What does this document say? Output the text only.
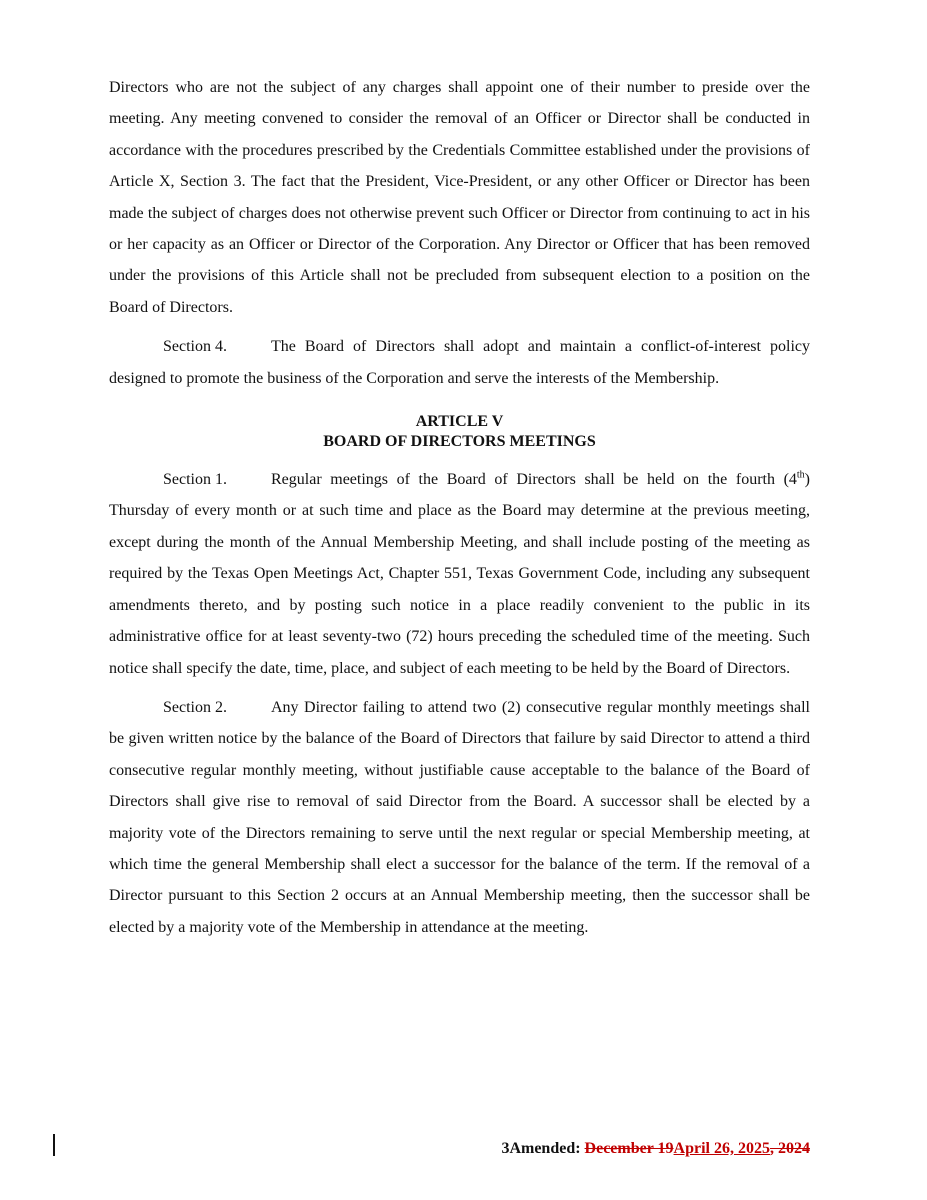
Directors who are not the subject of any charges shall appoint one of their number to preside over the meeting. Any meeting convened to consider the removal of an Officer or Director shall be conducted in accordance with the procedures prescribed by the Credentials Committee established under the provisions of Article X, Section 3. The fact that the President, Vice-President, or any other Officer or Director has been made the subject of charges does not otherwise prevent such Officer or Director from continuing to act in his or her capacity as an Officer or Director of the Corporation. Any Director or Officer that has been removed under the provisions of this Article shall not be precluded from subsequent election to a position on the Board of Directors.

Section 4.	The Board of Directors shall adopt and maintain a conflict-of-interest policy designed to promote the business of the Corporation and serve the interests of the Membership.

ARTICLE V
BOARD OF DIRECTORS MEETINGS

Section 1.	Regular meetings of the Board of Directors shall be held on the fourth (4th) Thursday of every month or at such time and place as the Board may determine at the previous meeting, except during the month of the Annual Membership Meeting, and shall include posting of the meeting as required by the Texas Open Meetings Act, Chapter 551, Texas Government Code, including any subsequent amendments thereto, and by posting such notice in a place readily convenient to the public in its administrative office for at least seventy-two (72) hours preceding the scheduled time of the meeting. Such notice shall specify the date, time, place, and subject of each meeting to be held by the Board of Directors.

Section 2.	Any Director failing to attend two (2) consecutive regular monthly meetings shall be given written notice by the balance of the Board of Directors that failure by said Director to attend a third consecutive regular monthly meeting, without justifiable cause acceptable to the balance of the Board of Directors shall give rise to removal of said Director from the Board. A successor shall be elected by a majority vote of the Directors remaining to serve until the next regular or special Membership meeting, at which time the general Membership shall elect a successor for the balance of the term. If the removal of a Director pursuant to this Section 2 occurs at an Annual Membership meeting, then the successor shall be elected by a majority vote of the Membership in attendance at the meeting.

3Amended: December 19April 26, 2025, 2024
